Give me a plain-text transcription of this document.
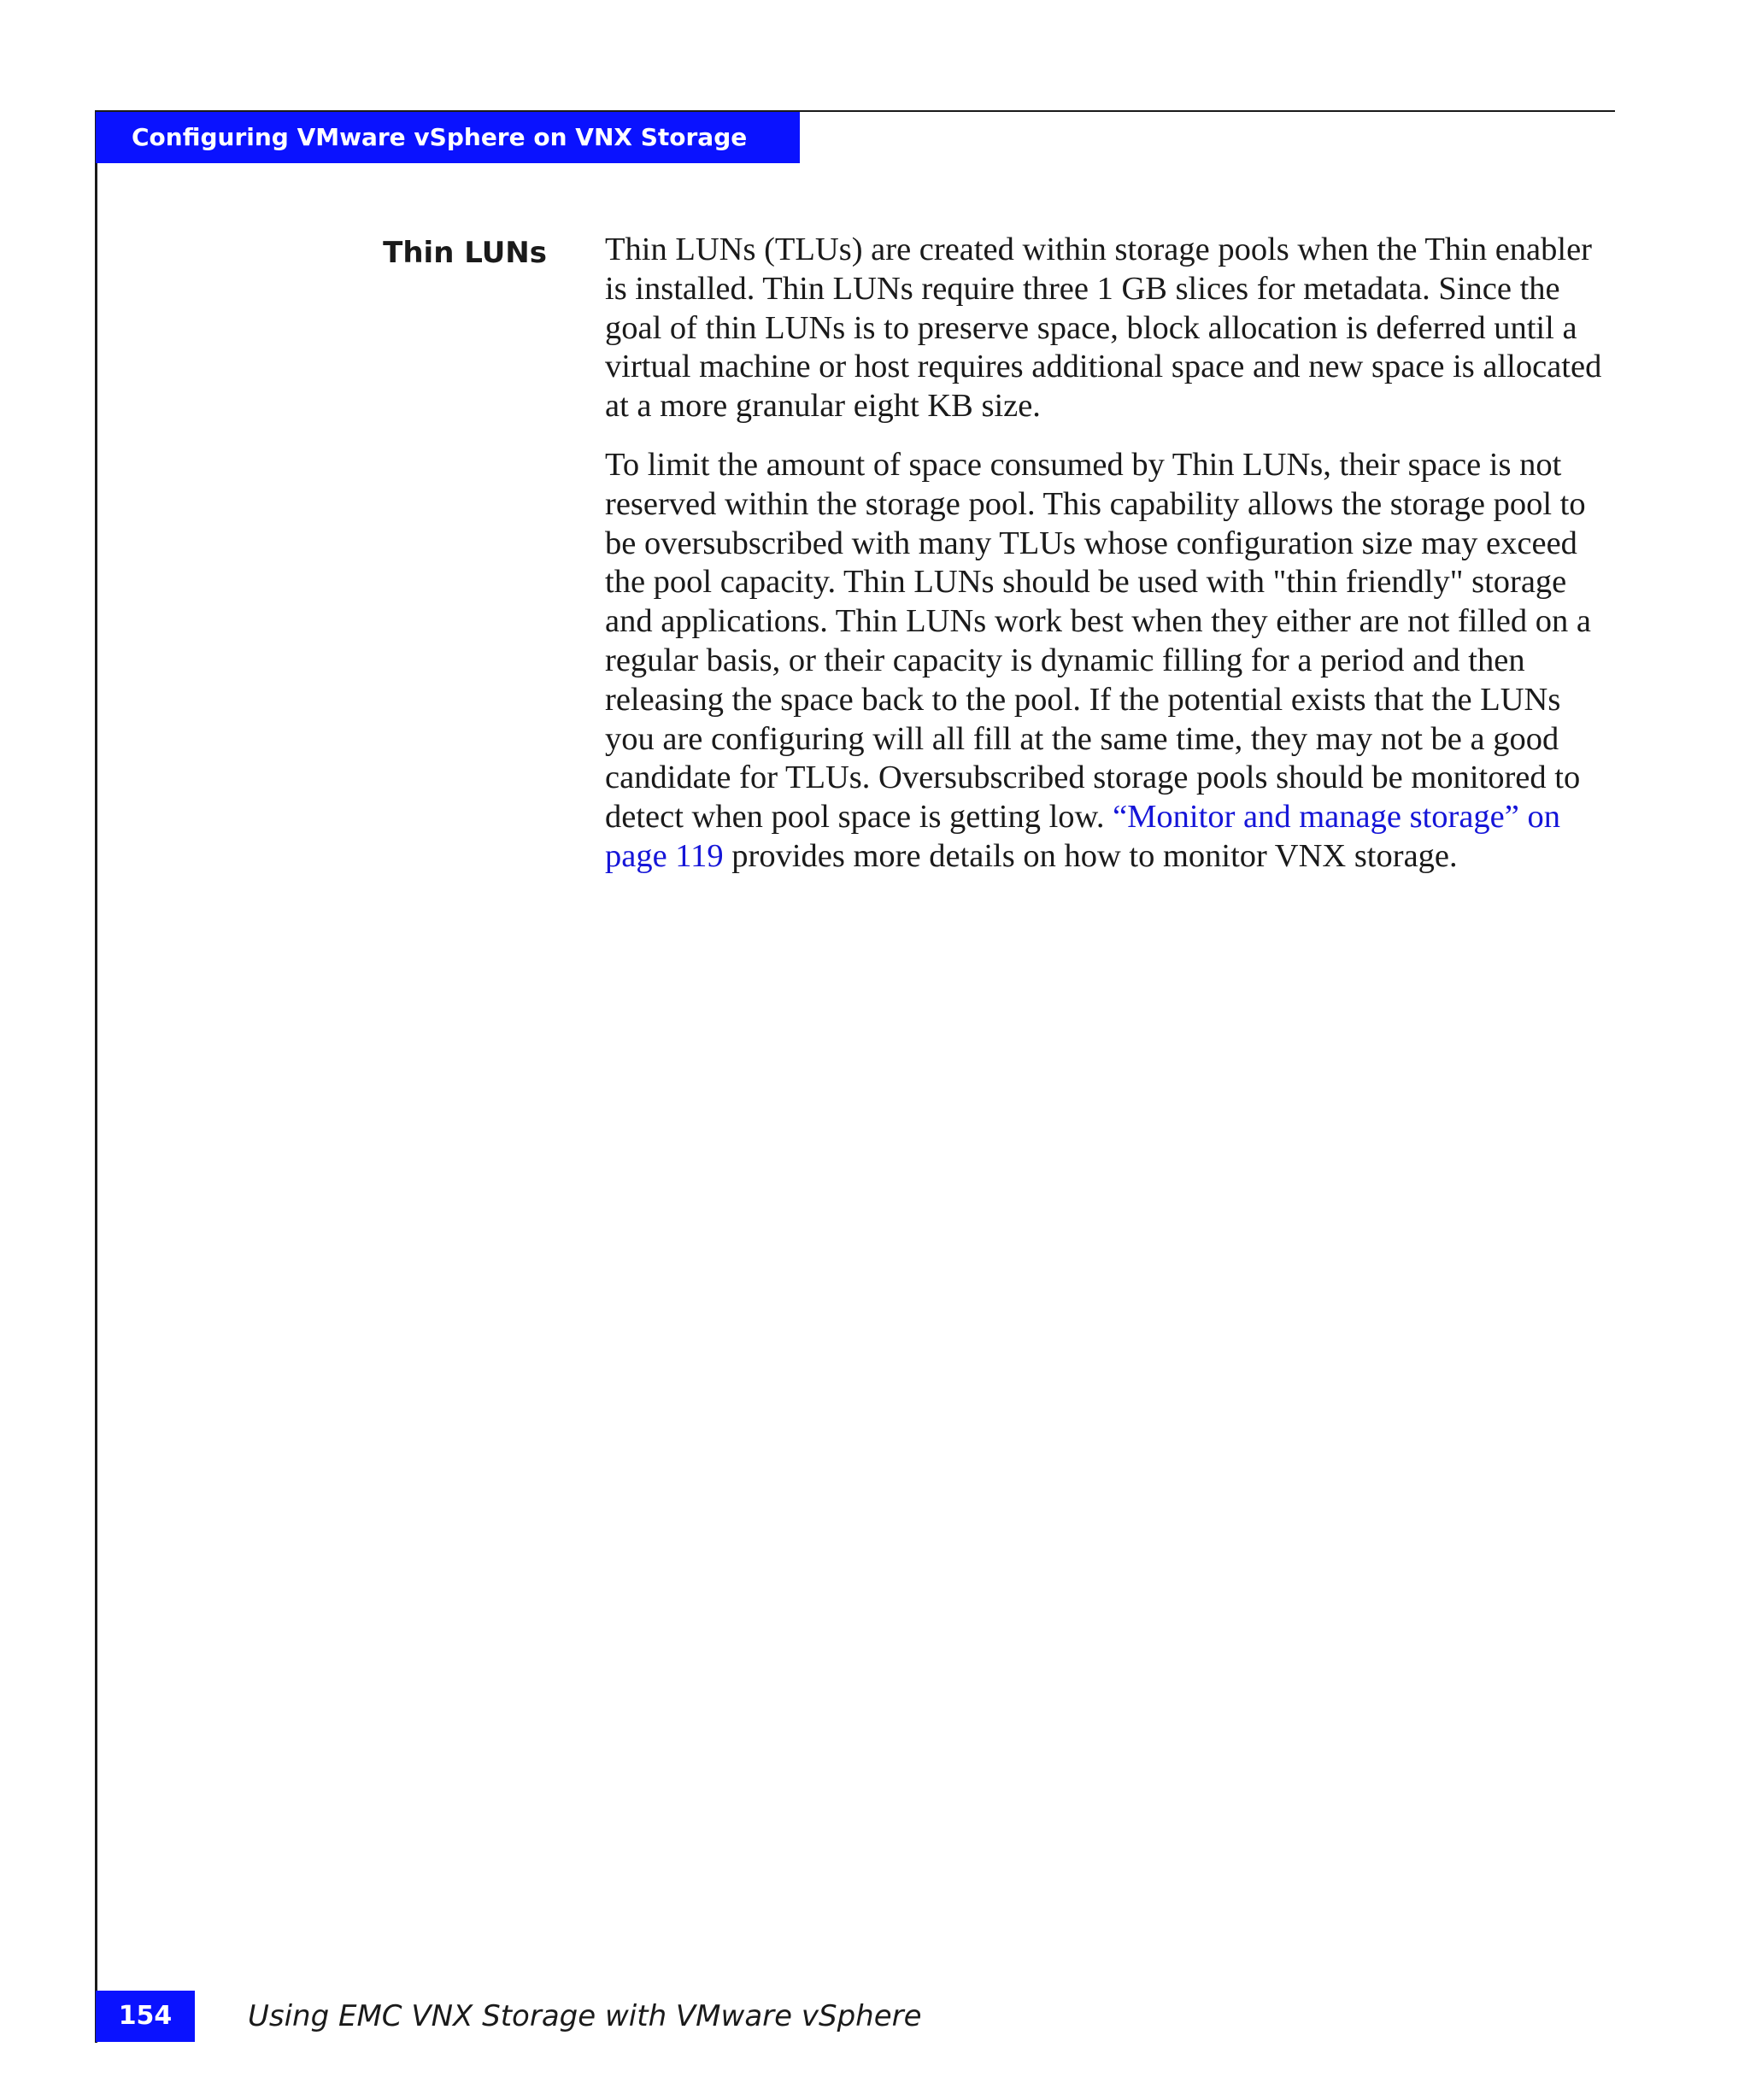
Configuring VMware vSphere on VNX Storage
Thin LUNs Thin LUNs (TLUs) are created within storage pools when the Thin enabler is installed. Thin LUNs require three 1 GB slices for metadata. Since the goal of thin LUNs is to preserve space, block allocation is deferred until a virtual machine or host requires additional space and new space is allocated at a more granular eight KB size.

To limit the amount of space consumed by Thin LUNs, their space is not reserved within the storage pool. This capability allows the storage pool to be oversubscribed with many TLUs whose configuration size may exceed the pool capacity. Thin LUNs should be used with "thin friendly" storage and applications. Thin LUNs work best when they either are not filled on a regular basis, or their capacity is dynamic filling for a period and then releasing the space back to the pool. If the potential exists that the LUNs you are configuring will all fill at the same time, they may not be a good candidate for TLUs. Oversubscribed storage pools should be monitored to detect when pool space is getting low. “Monitor and manage storage” on page 119 provides more details on how to monitor VNX storage.

154	Using EMC VNX Storage with VMware vSphere
